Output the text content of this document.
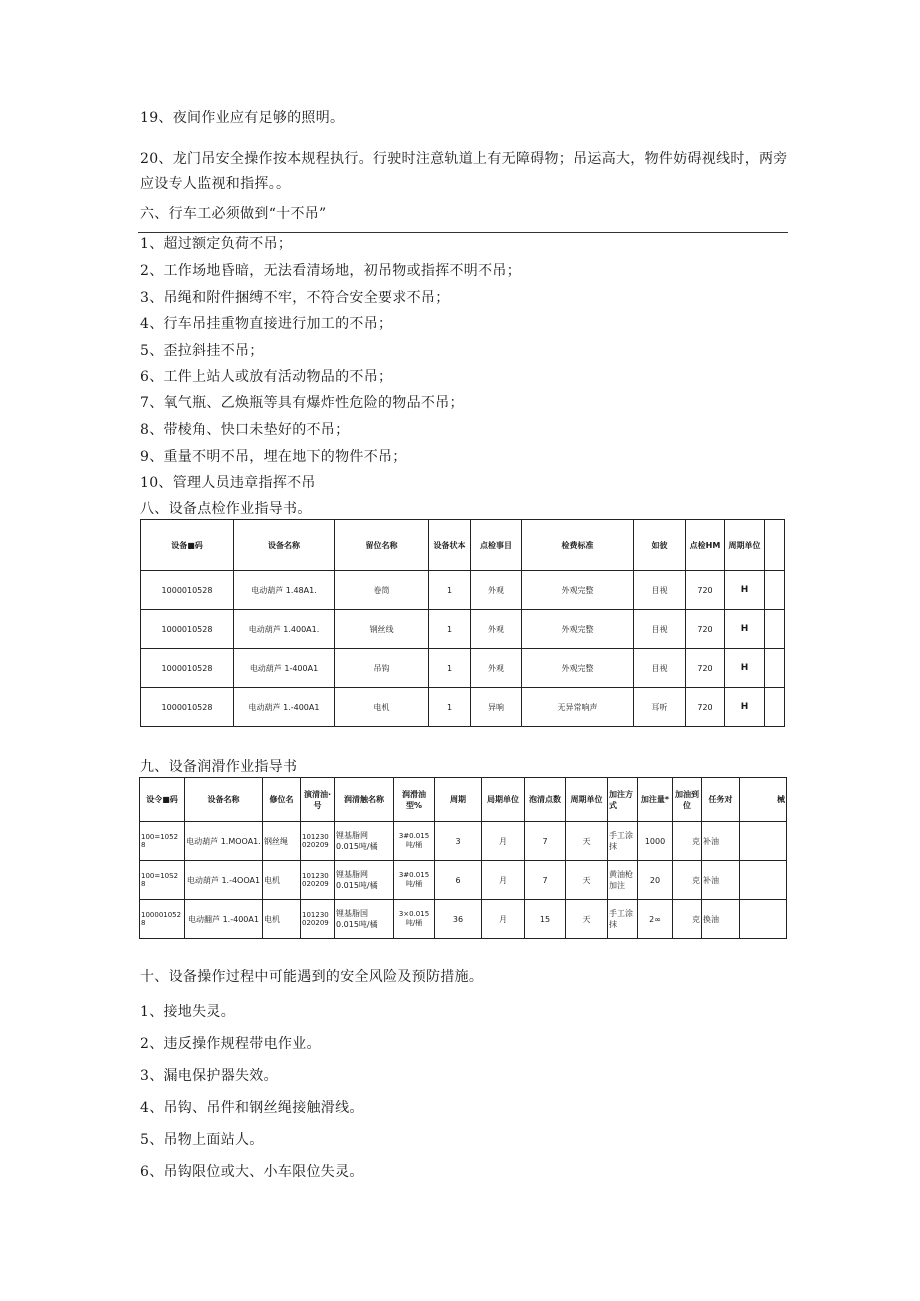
19、夜间作业应有足够的照明。
20、龙门吊安全操作按本规程执行。行驶时注意轨道上有无障碍物；吊运高大，物件妨碍视线时，两旁应设专人监视和指挥。。
六、行车工必须做到“十不吊”
1、超过额定负荷不吊；
2、工作场地昏暗，无法看清场地，初吊物或指挥不明不吊；
3、吊绳和附件捆缚不牢，不符合安全要求不吊；
4、行车吊挂重物直接进行加工的不吊；
5、歪拉斜挂不吊；
6、工件上站人或放有活动物品的不吊；
7、氧气瓶、乙焕瓶等具有爆炸性危险的物品不吊；
8、带棱角、快口未垫好的不吊；
9、重量不明不吊，埋在地下的物件不吊；
10、管理人员违章指挥不吊
八、设备点检作业指导书。
设备■码	设备名称	留位名称	设备状本	点检事目	检费标准	如彼	点检HM	周期单位	
1000010528	电动葫芦 1.48A1.	卷筒	1	外观	外观完整	目视	720	H	
1000010528	电动葫芦 1.400A1.	钢丝线	1	外观	外观完整	目视	720	H	
1000010528	电动葫芦 1-400A1	吊钩	1	外观	外观完整	目视	720	H	
1000010528	电动葫芦 1.-400A1	电机	1	异响	无异常响声	耳听	720	H	
九、设备润滑作业指导书
设令■码	设备名称	修位名	演清油·号	润清触名称	润滑油型%	周期	局期单位	泡清点数	周期单位	加注方式	加注量*	加油到位	任务对	械
100=1052 8	电动葫芦 1.MOOA1.	钢丝绳	101230 020209	锂基脂网 0.015吨/橘	3#0.015 吨/桶	3	月	7	天	手工涂抹	1000	克	补油	
100=10S2 8	电动葫芦 1.-4OOA1	电机	101230 020209	锂基脂网 0.015吨/橘	3#0.015 吨/桶	6	月	7	天	黄油枪加注	20	克	补油	
100001052 8	电动翻芦 1.-400A1	电机	101230 020209	锂基脂国 0.015吨/橘	3×0.015 吨/桶	36	月	15	天	手工涂抹	2∞	克	换油	
十、设备操作过程中可能遇到的安全风险及预防措施。
1、接地失灵。
2、违反操作规程带电作业。
3、漏电保护器失效。
4、吊钩、吊件和钢丝绳接触滑线。
5、吊物上面站人。
6、吊钩限位或大、小车限位失灵。
